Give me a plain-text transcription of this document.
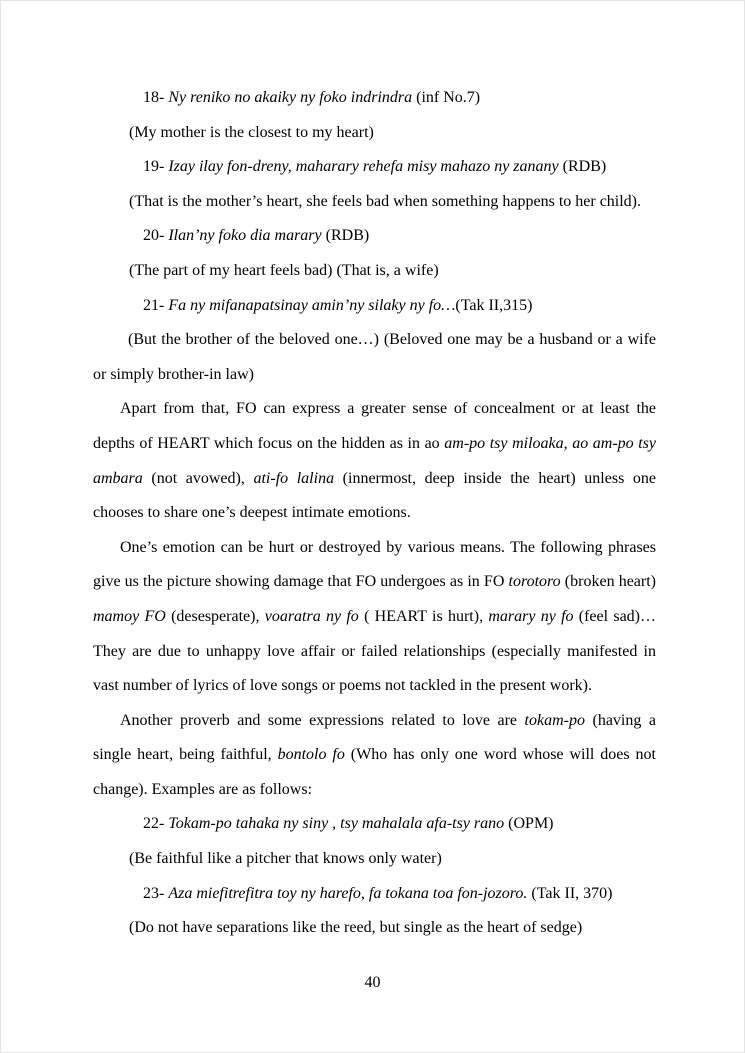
18- Ny reniko no akaiky ny foko indrindra (inf No.7)

(My mother is the closest to my heart)

19- Izay ilay fon-dreny, maharary rehefa misy mahazo ny zanany (RDB)

(That is the mother’s heart, she feels bad when something happens to her child).

20- Ilan’ny foko dia marary (RDB)

(The part of my heart feels bad) (That is, a wife)

21- Fa ny mifanapatsinay amin’ny silaky ny fo…(Tak II,315)

(But the brother of the beloved one…) (Beloved one may be a husband or a wife or simply brother-in law)

Apart from that, FO can express a greater sense of concealment or at least the depths of HEART which focus on the hidden as in ao am-po tsy miloaka, ao am-po tsy ambara (not avowed), ati-fo lalina (innermost, deep inside the heart) unless one chooses to share one’s deepest intimate emotions.

One’s emotion can be hurt or destroyed by various means. The following phrases give us the picture showing damage that FO undergoes as in FO torotoro (broken heart) mamoy FO (desesperate), voaratra ny fo ( HEART is hurt), marary ny fo (feel sad)… They are due to unhappy love affair or failed relationships (especially manifested in vast number of lyrics of love songs or poems not tackled in the present work).

Another proverb and some expressions related to love are tokam-po (having a single heart, being faithful, bontolo fo (Who has only one word whose will does not change). Examples are as follows:

22- Tokam-po tahaka ny siny , tsy mahalala afa-tsy rano (OPM)

(Be faithful like a pitcher that knows only water)

23- Aza miefitrefitra toy ny harefo, fa tokana toa fon-jozoro. (Tak II, 370)

(Do not have separations like the reed, but single as the heart of sedge)

40
